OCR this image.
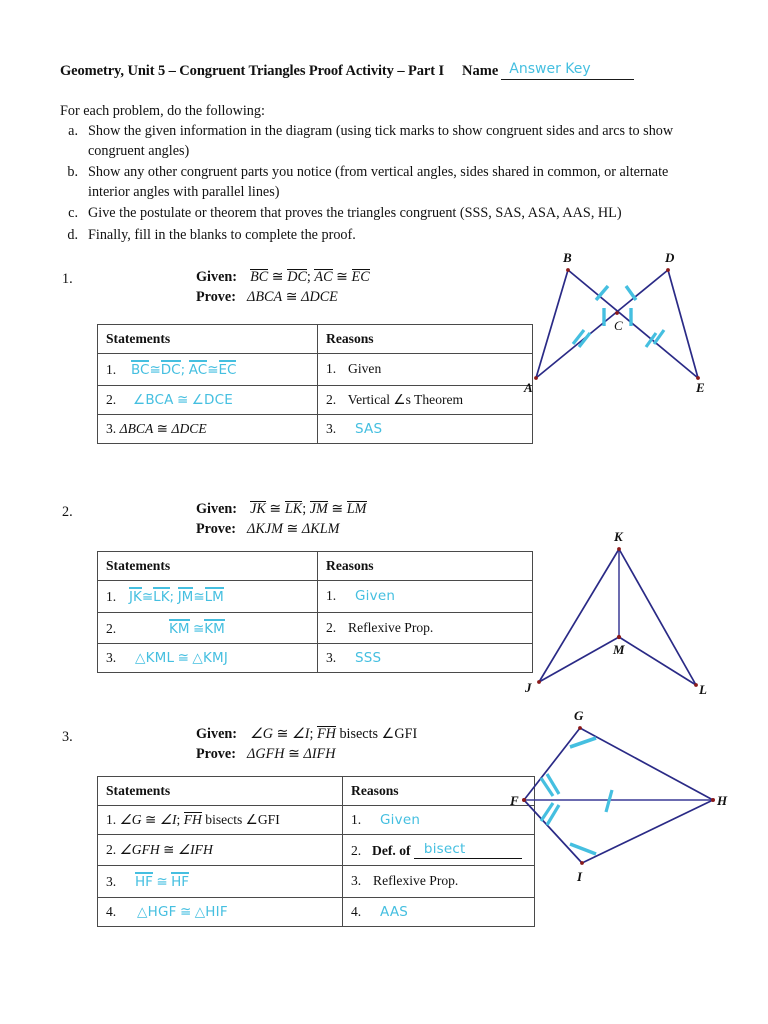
Geometry, Unit 5 – Congruent Triangles Proof Activity – Part I Name Answer Key
For each problem, do the following:
a. Show the given information in the diagram (using tick marks to show congruent sides and arcs to show congruent angles)
b. Show any other congruent parts you notice (from vertical angles, sides shared in common, or alternate interior angles with parallel lines)
c. Give the postulate or theorem that proves the triangles congruent (SSS, SAS, ASA, AAS, HL)
d. Finally, fill in the blanks to complete the proof.
1.	Given: BC ≅ DC; AC ≅ EC
Prove: ΔBCA ≅ ΔDCE
Statements	Reasons
1. BC≅DC; AC≅EC	1. Given
2. ∠BCA ≅ ∠DCE	2. Vertical ∠s Theorem
3. ΔBCA ≅ ΔDCE	3. SAS
B	D
C
A	E
2.	Given: JK ≅ LK; JM ≅ LM
Prove: ΔKJM ≅ ΔKLM
Statements	Reasons
1. JK≅LK; JM≅LM	1. Given
2. KM ≅KM	2. Reflexive Prop.
3. △KML ≅ △KMJ	3. SSS
K
M
J	L
3.	Given: ∠G ≅ ∠I; FH bisects ∠GFI
Prove: ΔGFH ≅ ΔIFH
Statements	Reasons
1. ∠G ≅ ∠I; FH bisects ∠GFI	1. Given
2. ∠GFH ≅ ∠IFH	2. Def. of bisect

3. HF ≅ HF	3. Reflexive Prop.
4. △HGF ≅ △HIF	4. AAS
G
F	H
I
